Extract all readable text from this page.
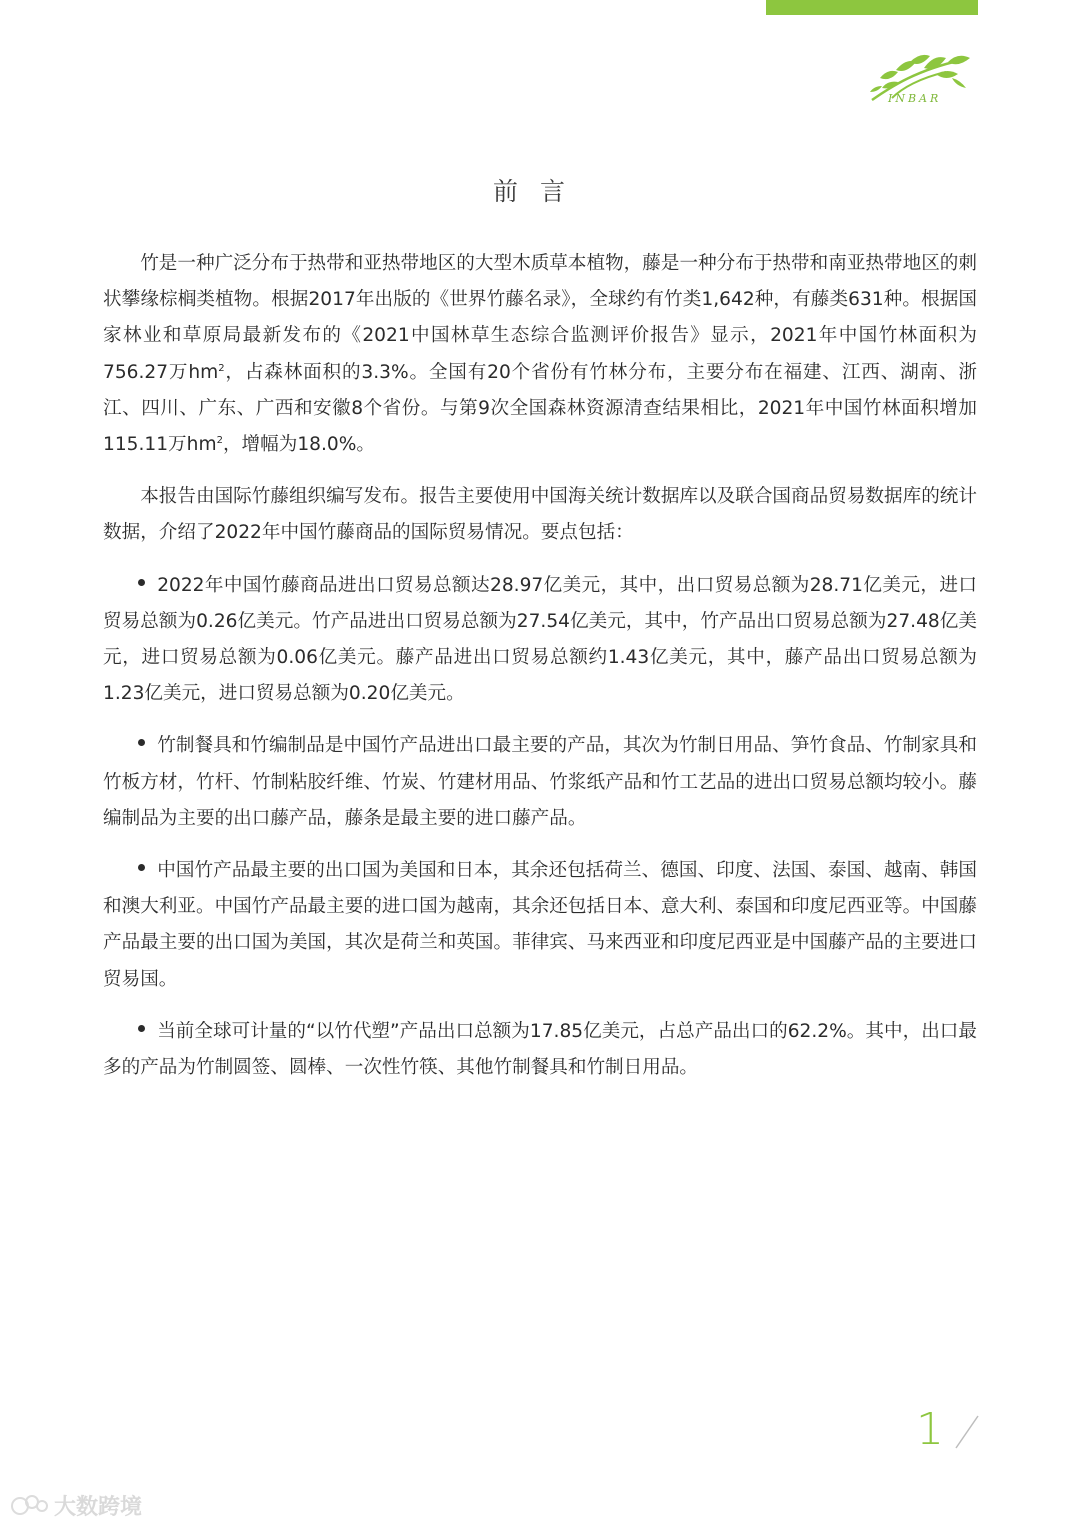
INBAR
前言

竹是一种广泛分布于热带和亚热带地区的大型木质草本植物，藤是一种分布于热带和南亚热带地区的刺状攀缘棕榈类植物。根据2017年出版的《世界竹藤名录》，全球约有竹类1,642种，有藤类631种。根据国家林业和草原局最新发布的《2021中国林草生态综合监测评价报告》显示，2021年中国竹林面积为756.27万$hm^2$，占森林面积的3.3%。全国有20个省份有竹林分布，主要分布在福建、江西、湖南、浙江、四川、广东、广西和安徽8个省份。与第9次全国森林资源清查结果相比，2021年中国竹林面积增加115.11万$hm^2$，增幅为18.0%。

本报告由国际竹藤组织编写发布。报告主要使用中国海关统计数据库以及联合国商品贸易数据库的统计数据，介绍了2022年中国竹藤商品的国际贸易情况。要点包括：

2022年中国竹藤商品进出口贸易总额达28.97亿美元，其中，出口贸易总额为28.71亿美元，进口贸易总额为0.26亿美元。竹产品进出口贸易总额为27.54亿美元，其中，竹产品出口贸易总额为27.48亿美元，进口贸易总额为0.06亿美元。藤产品进出口贸易总额约1.43亿美元，其中，藤产品出口贸易总额为1.23亿美元，进口贸易总额为0.20亿美元。

竹制餐具和竹编制品是中国竹产品进出口最主要的产品，其次为竹制日用品、笋竹食品、竹制家具和竹板方材，竹杆、竹制粘胶纤维、竹炭、竹建材用品、竹浆纸产品和竹工艺品的进出口贸易总额均较小。藤编制品为主要的出口藤产品，藤条是最主要的进口藤产品。

中国竹产品最主要的出口国为美国和日本，其余还包括荷兰、德国、印度、法国、泰国、越南、韩国和澳大利亚。中国竹产品最主要的进口国为越南，其余还包括日本、意大利、泰国和印度尼西亚等。中国藤产品最主要的出口国为美国，其次是荷兰和英国。菲律宾、马来西亚和印度尼西亚是中国藤产品的主要进口贸易国。

当前全球可计量的“以竹代塑”产品出口总额为17.85亿美元，占总产品出口的62.2%。其中，出口最多的产品为竹制圆签、圆棒、一次性竹筷、其他竹制餐具和竹制日用品。

1
大数跨境
